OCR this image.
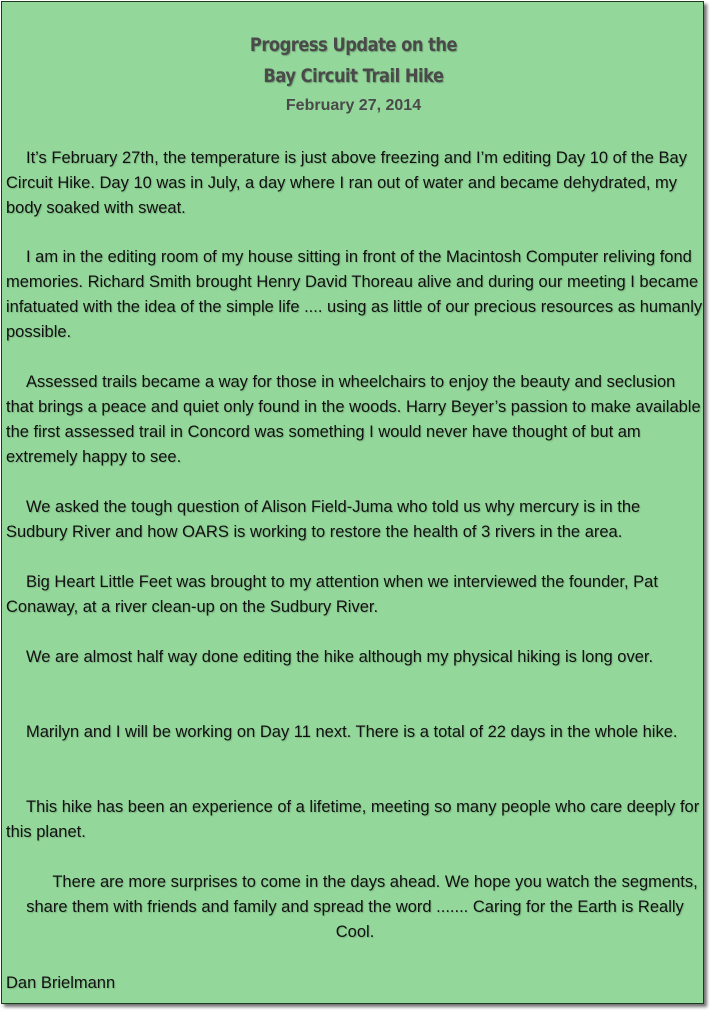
Progress Update on the
Bay Circuit Trail Hike
February 27, 2014

It’s February 27th, the temperature is just above freezing and I’m editing Day 10 of the Bay Circuit Hike. Day 10 was in July, a day where I ran out of water and became dehydrated, my body soaked with sweat.

I am in the editing room of my house sitting in front of the Macintosh Computer reliving fond memories. Richard Smith brought Henry David Thoreau alive and during our meeting I became infatuated with the idea of the simple life .... using as little of our precious resources as humanly possible.

Assessed trails became a way for those in wheelchairs to enjoy the beauty and seclusion that brings a peace and quiet only found in the woods. Harry Beyer’s passion to make available the first assessed trail in Concord was something I would never have thought of but am extremely happy to see.

We asked the tough question of Alison Field-Juma who told us why mercury is in the Sudbury River and how OARS is working to restore the health of 3 rivers in the area.

Big Heart Little Feet was brought to my attention when we interviewed the founder, Pat Conaway, at a river clean-up on the Sudbury River.

We are almost half way done editing the hike although my physical hiking is long over.

Marilyn and I will be working on Day 11 next. There is a total of 22 days in the whole hike.

This hike has been an experience of a lifetime, meeting so many people who care deeply for this planet.

There are more surprises to come in the days ahead. We hope you watch the segments, share them with friends and family and spread the word ....... Caring for the Earth is Really Cool.

Dan Brielmann
